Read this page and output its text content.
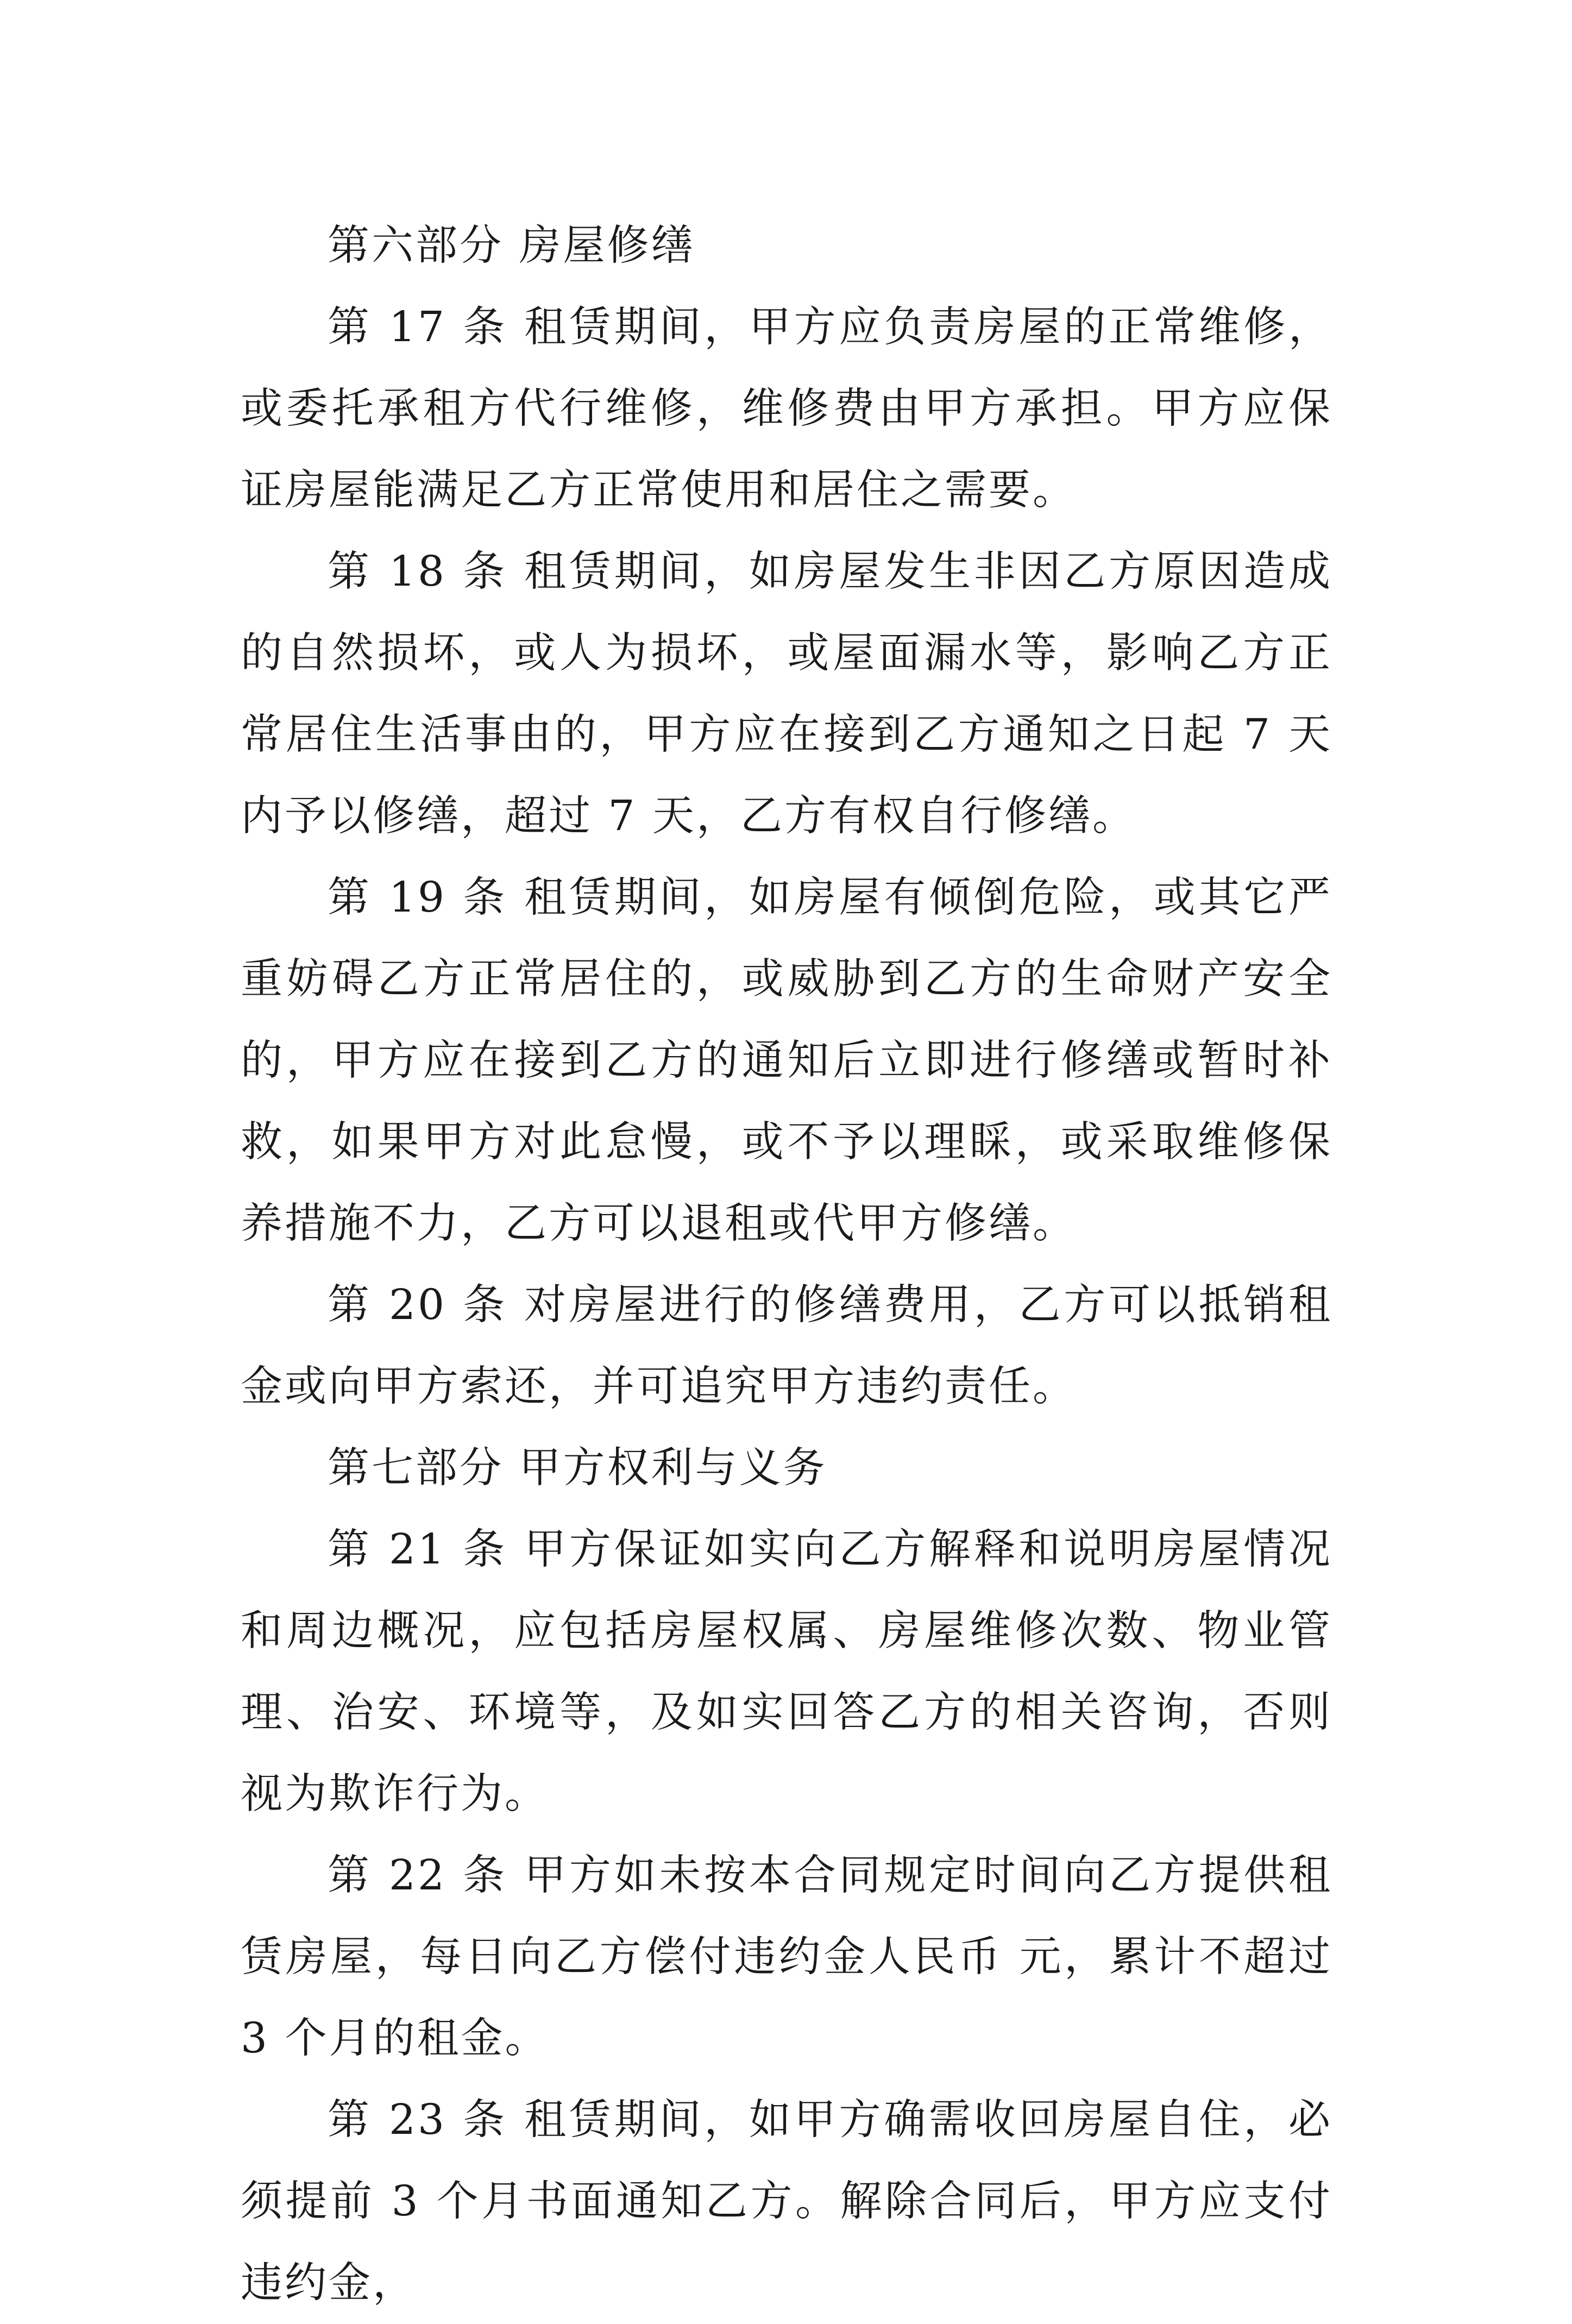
第六部分 房屋修缮

第 17 条 租赁期间，甲方应负责房屋的正常维修，或委托承租方代行维修，维修费由甲方承担。甲方应保证房屋能满足乙方正常使用和居住之需要。

第 18 条 租赁期间，如房屋发生非因乙方原因造成的自然损坏，或人为损坏，或屋面漏水等，影响乙方正常居住生活事由的，甲方应在接到乙方通知之日起 7 天内予以修缮，超过 7 天，乙方有权自行修缮。

第 19 条 租赁期间，如房屋有倾倒危险，或其它严重妨碍乙方正常居住的，或威胁到乙方的生命财产安全的，甲方应在接到乙方的通知后立即进行修缮或暂时补救，如果甲方对此怠慢，或不予以理睬，或采取维修保养措施不力，乙方可以退租或代甲方修缮。

第 20 条 对房屋进行的修缮费用，乙方可以抵销租金或向甲方索还，并可追究甲方违约责任。

第七部分 甲方权利与义务

第 21 条 甲方保证如实向乙方解释和说明房屋情况和周边概况，应包括房屋权属、房屋维修次数、物业管理、治安、环境等，及如实回答乙方的相关咨询，否则视为欺诈行为。

第 22 条 甲方如未按本合同规定时间向乙方提供租赁房屋，每日向乙方偿付违约金人民币 元，累计不超过 3 个月的租金。

第 23 条 租赁期间，如甲方确需收回房屋自住，必须提前 3 个月书面通知乙方。解除合同后，甲方应支付违约金，
